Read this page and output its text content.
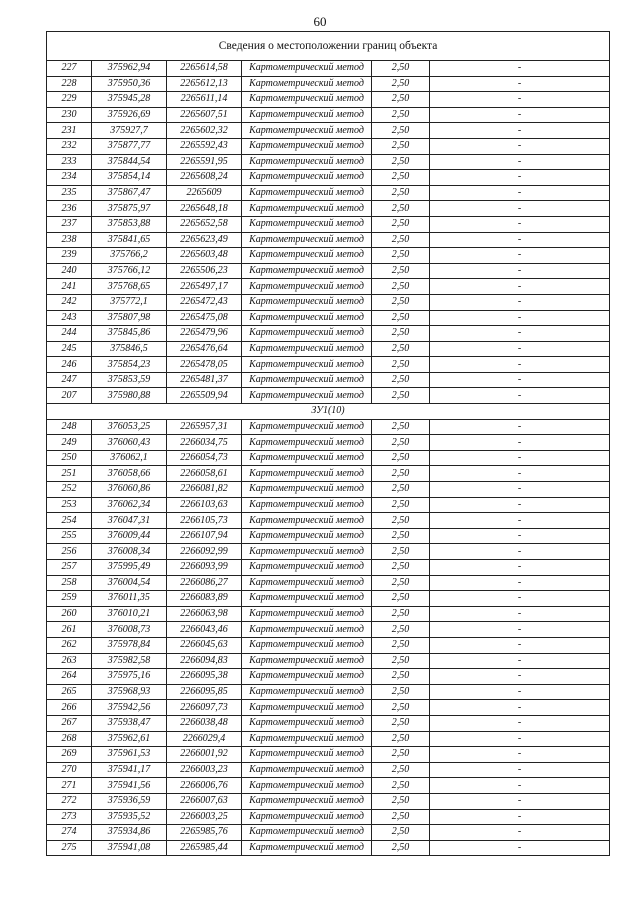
60
Сведения о местоположении границ объекта					
227	375962,94	2265614,58	Картометрический метод	2,50	-
228	375950,36	2265612,13	Картометрический метод	2,50	-
229	375945,28	2265611,14	Картометрический метод	2,50	-
230	375926,69	2265607,51	Картометрический метод	2,50	-
231	375927,7	2265602,32	Картометрический метод	2,50	-
232	375877,77	2265592,43	Картометрический метод	2,50	-
233	375844,54	2265591,95	Картометрический метод	2,50	-
234	375854,14	2265608,24	Картометрический метод	2,50	-
235	375867,47	2265609	Картометрический метод	2,50	-
236	375875,97	2265648,18	Картометрический метод	2,50	-
237	375853,88	2265652,58	Картометрический метод	2,50	-
238	375841,65	2265623,49	Картометрический метод	2,50	-
239	375766,2	2265603,48	Картометрический метод	2,50	-
240	375766,12	2265506,23	Картометрический метод	2,50	-
241	375768,65	2265497,17	Картометрический метод	2,50	-
242	375772,1	2265472,43	Картометрический метод	2,50	-
243	375807,98	2265475,08	Картометрический метод	2,50	-
244	375845,86	2265479,96	Картометрический метод	2,50	-
245	375846,5	2265476,64	Картометрический метод	2,50	-
246	375854,23	2265478,05	Картометрический метод	2,50	-
247	375853,59	2265481,37	Картометрический метод	2,50	-
207	375980,88	2265509,94	Картометрический метод	2,50	-
ЗУ1(10)					
248	376053,25	2265957,31	Картометрический метод	2,50	-
249	376060,43	2266034,75	Картометрический метод	2,50	-
250	376062,1	2266054,73	Картометрический метод	2,50	-
251	376058,66	2266058,61	Картометрический метод	2,50	-
252	376060,86	2266081,82	Картометрический метод	2,50	-
253	376062,34	2266103,63	Картометрический метод	2,50	-
254	376047,31	2266105,73	Картометрический метод	2,50	-
255	376009,44	2266107,94	Картометрический метод	2,50	-
256	376008,34	2266092,99	Картометрический метод	2,50	-
257	375995,49	2266093,99	Картометрический метод	2,50	-
258	376004,54	2266086,27	Картометрический метод	2,50	-
259	376011,35	2266083,89	Картометрический метод	2,50	-
260	376010,21	2266063,98	Картометрический метод	2,50	-
261	376008,73	2266043,46	Картометрический метод	2,50	-
262	375978,84	2266045,63	Картометрический метод	2,50	-
263	375982,58	2266094,83	Картометрический метод	2,50	-
264	375975,16	2266095,38	Картометрический метод	2,50	-
265	375968,93	2266095,85	Картометрический метод	2,50	-
266	375942,56	2266097,73	Картометрический метод	2,50	-
267	375938,47	2266038,48	Картометрический метод	2,50	-
268	375962,61	2266029,4	Картометрический метод	2,50	-
269	375961,53	2266001,92	Картометрический метод	2,50	-
270	375941,17	2266003,23	Картометрический метод	2,50	-
271	375941,56	2266006,76	Картометрический метод	2,50	-
272	375936,59	2266007,63	Картометрический метод	2,50	-
273	375935,52	2266003,25	Картометрический метод	2,50	-
274	375934,86	2265985,76	Картометрический метод	2,50	-
275	375941,08	2265985,44	Картометрический метод	2,50	-
